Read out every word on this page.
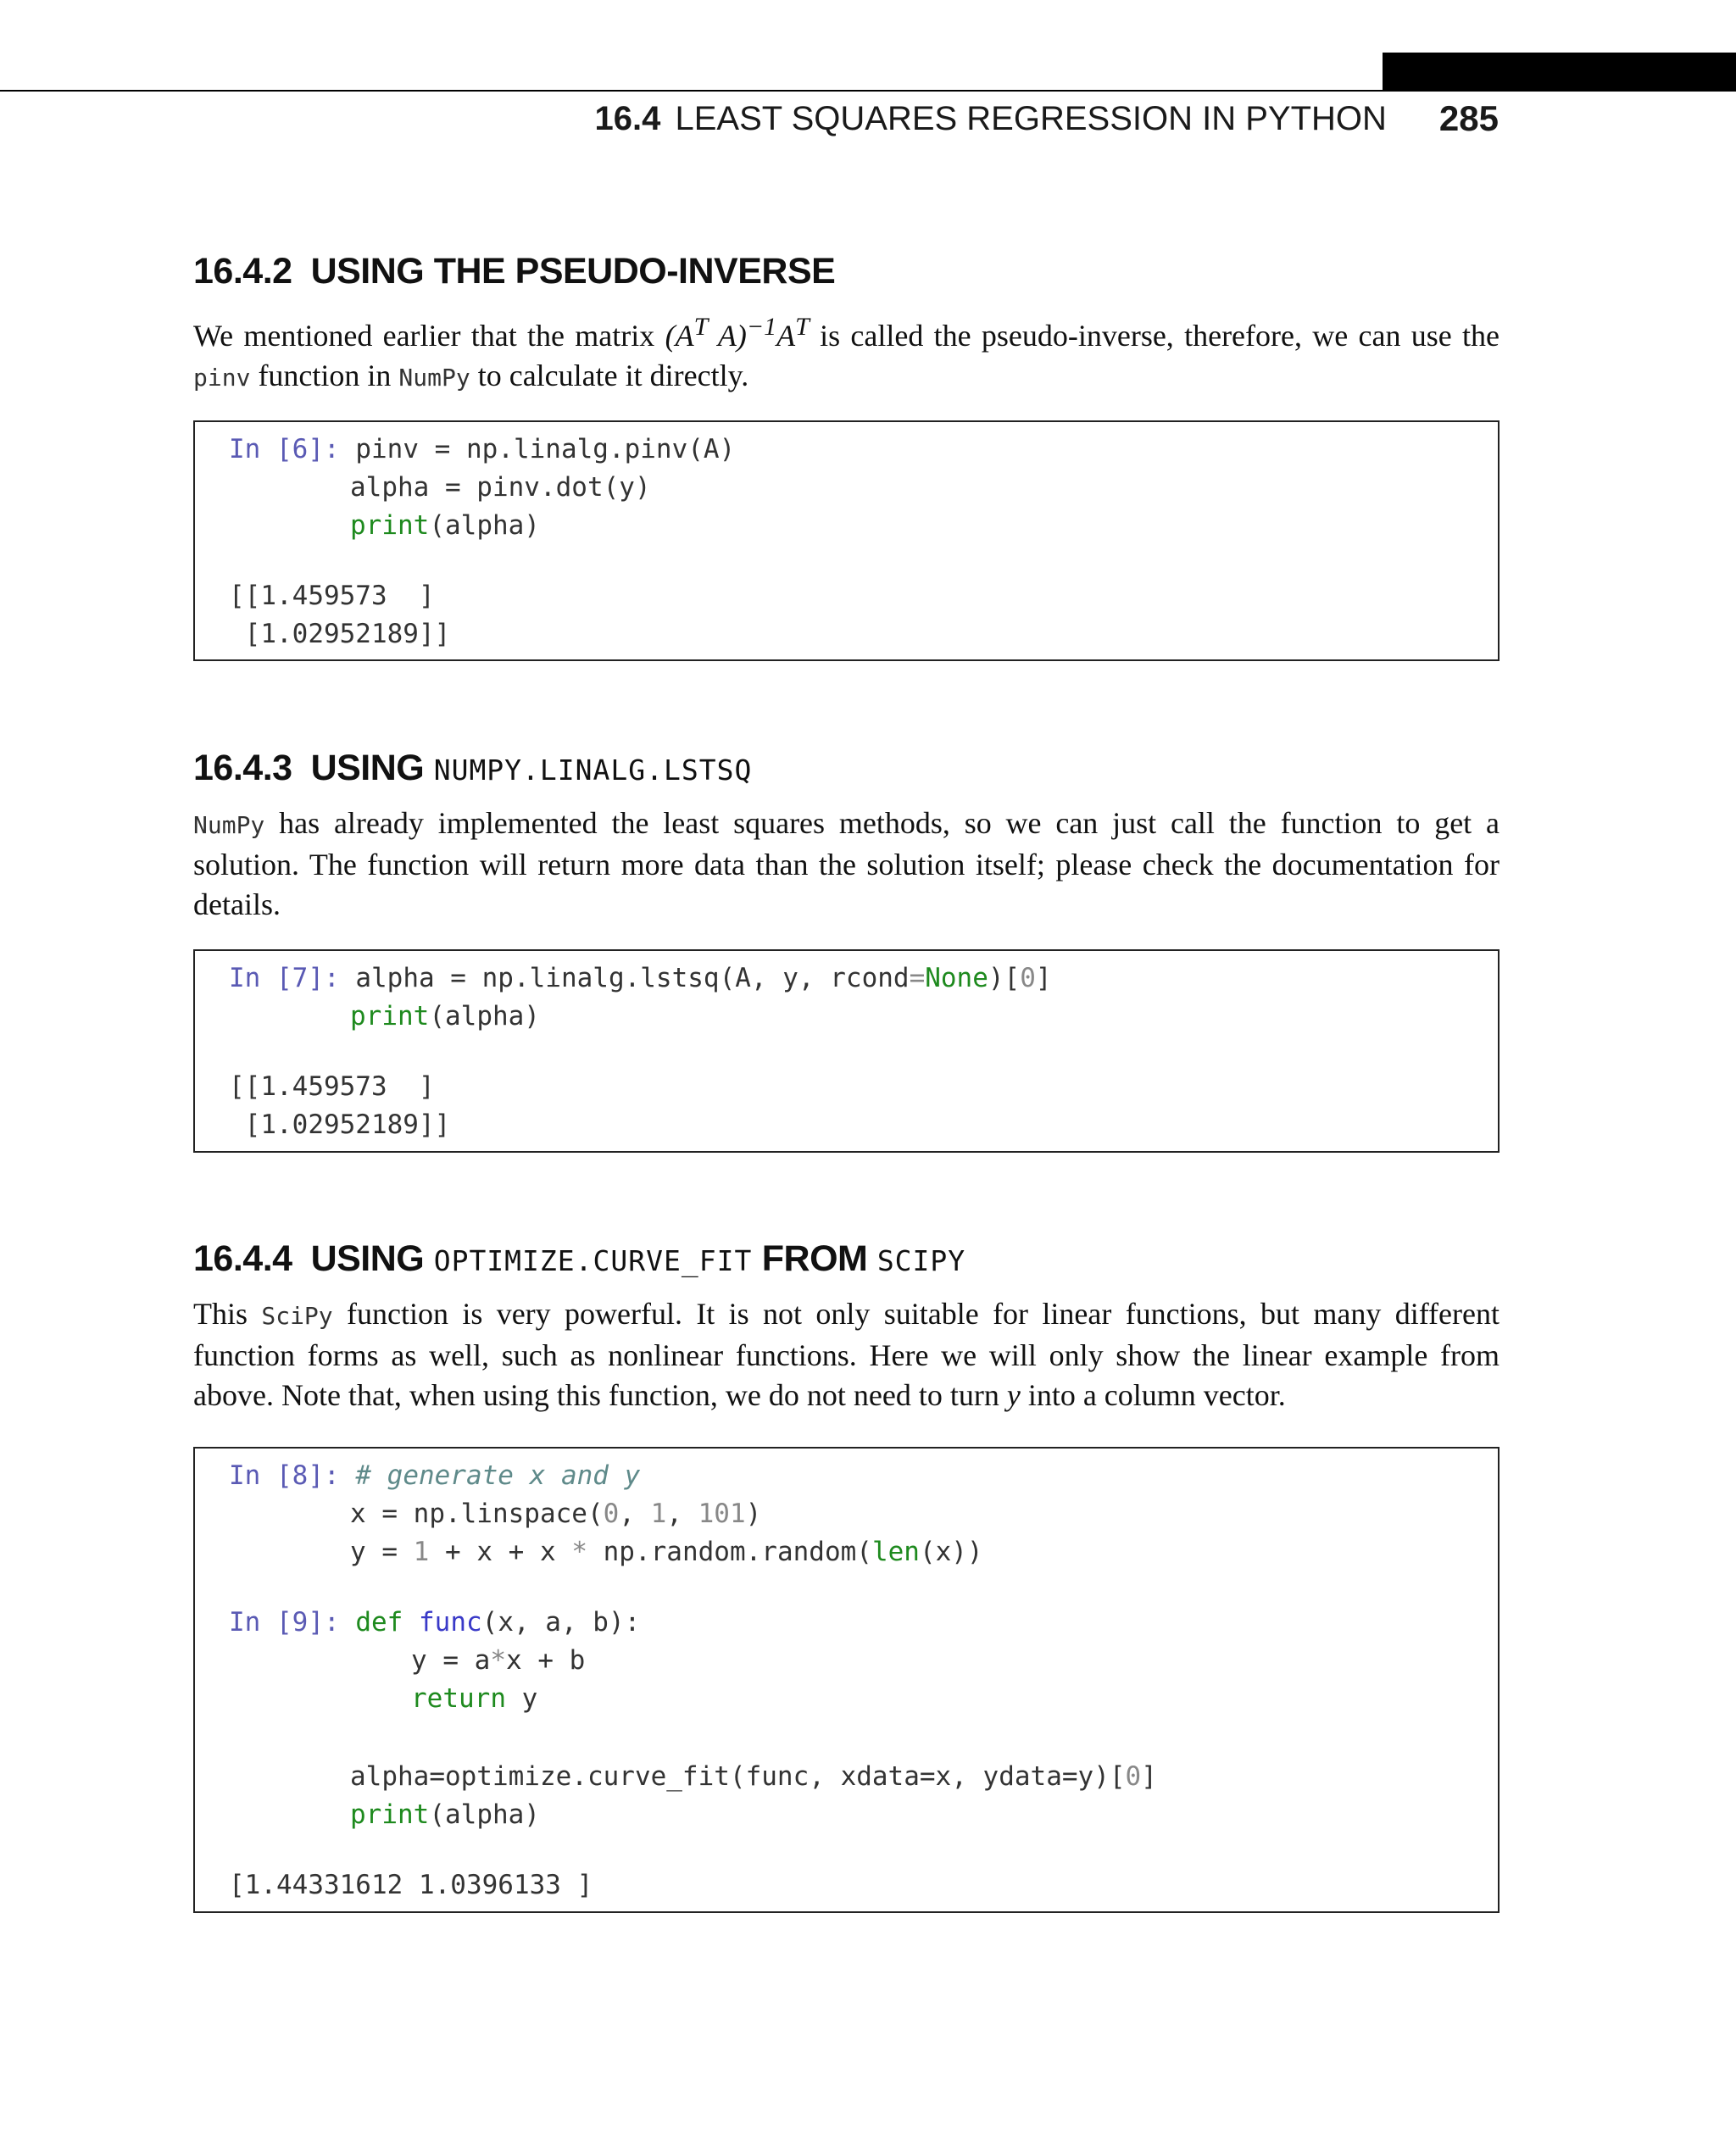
16.4 LEAST SQUARES REGRESSION IN PYTHON 285
16.4.2 USING THE PSEUDO-INVERSE
We mentioned earlier that the matrix ($A^T$ $A)^{-1}A^T$ is called the pseudo-inverse, therefore, we can use the pinv function in NumPy to calculate it directly.
In [6]: pinv = np.linalg.pinv(A)
alpha = pinv.dot(y)
print(alpha)
[[1.459573  ]
[1.02952189]]
16.4.3 USING NUMPY.LINALG.LSTSQ
NumPy has already implemented the least squares methods, so we can just call the function to get a solution. The function will return more data than the solution itself; please check the documentation for details.
In [7]: alpha = np.linalg.lstsq(A, y, rcond=None)[0]
print(alpha)
[[1.459573  ]
[1.02952189]]
16.4.4 USING OPTIMIZE.CURVE_FIT FROM SCIPY
This SciPy function is very powerful. It is not only suitable for linear functions, but many different function forms as well, such as nonlinear functions. Here we will only show the linear example from above. Note that, when using this function, we do not need to turn y into a column vector.
In [8]: # generate x and y
x = np.linspace(0, 1, 101)
y = 1 + x + x * np.random.random(len(x))
In [9]: def func(x, a, b):
y = a*x + b
return y
alpha=optimize.curve_fit(func, xdata=x, ydata=y)[0]
print(alpha)
[1.44331612 1.0396133 ]
